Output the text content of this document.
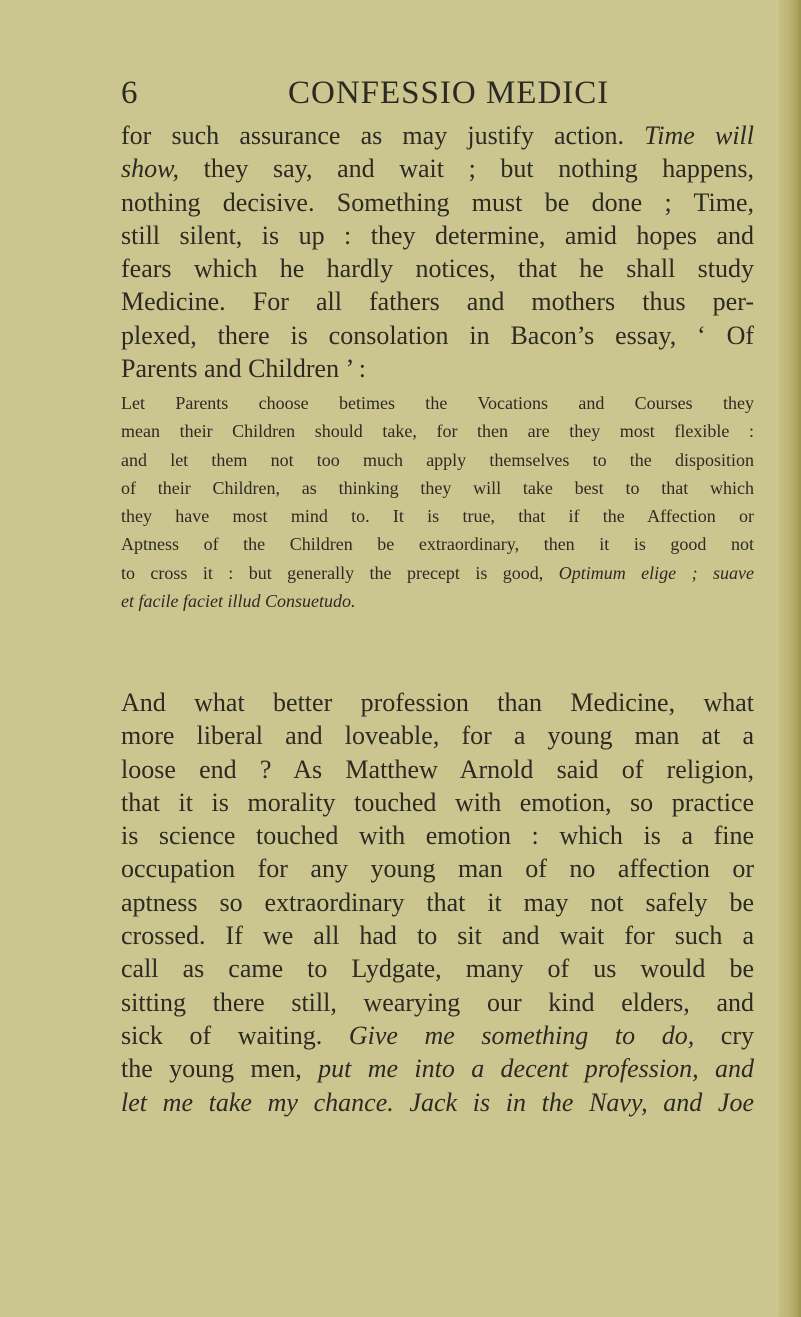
6	CONFESSIO MEDICI
for such assurance as may justify action. Time will
show, they say, and wait ; but nothing happens,
nothing decisive. Something must be done ; Time,
still silent, is up : they determine, amid hopes and
fears which he hardly notices, that he shall study
Medicine. For all fathers and mothers thus per-
plexed, there is consolation in Bacon’s essay, ‘ Of
Parents and Children ’ :
Let Parents choose betimes the Vocations and Courses they
mean their Children should take, for then are they most flexible :
and let them not too much apply themselves to the disposition
of their Children, as thinking they will take best to that which
they have most mind to. It is true, that if the Affection or
Aptness of the Children be extraordinary, then it is good not
to cross it : but generally the precept is good, Optimum elige ; suave
et facile faciet illud Consuetudo.
And what better profession than Medicine, what
more liberal and loveable, for a young man at a
loose end ? As Matthew Arnold said of religion,
that it is morality touched with emotion, so practice
is science touched with emotion : which is a fine
occupation for any young man of no affection or
aptness so extraordinary that it may not safely be
crossed. If we all had to sit and wait for such a
call as came to Lydgate, many of us would be
sitting there still, wearying our kind elders, and
sick of waiting. Give me something to do, cry
the young men, put me into a decent profession, and
let me take my chance. Jack is in the Navy, and Joe
